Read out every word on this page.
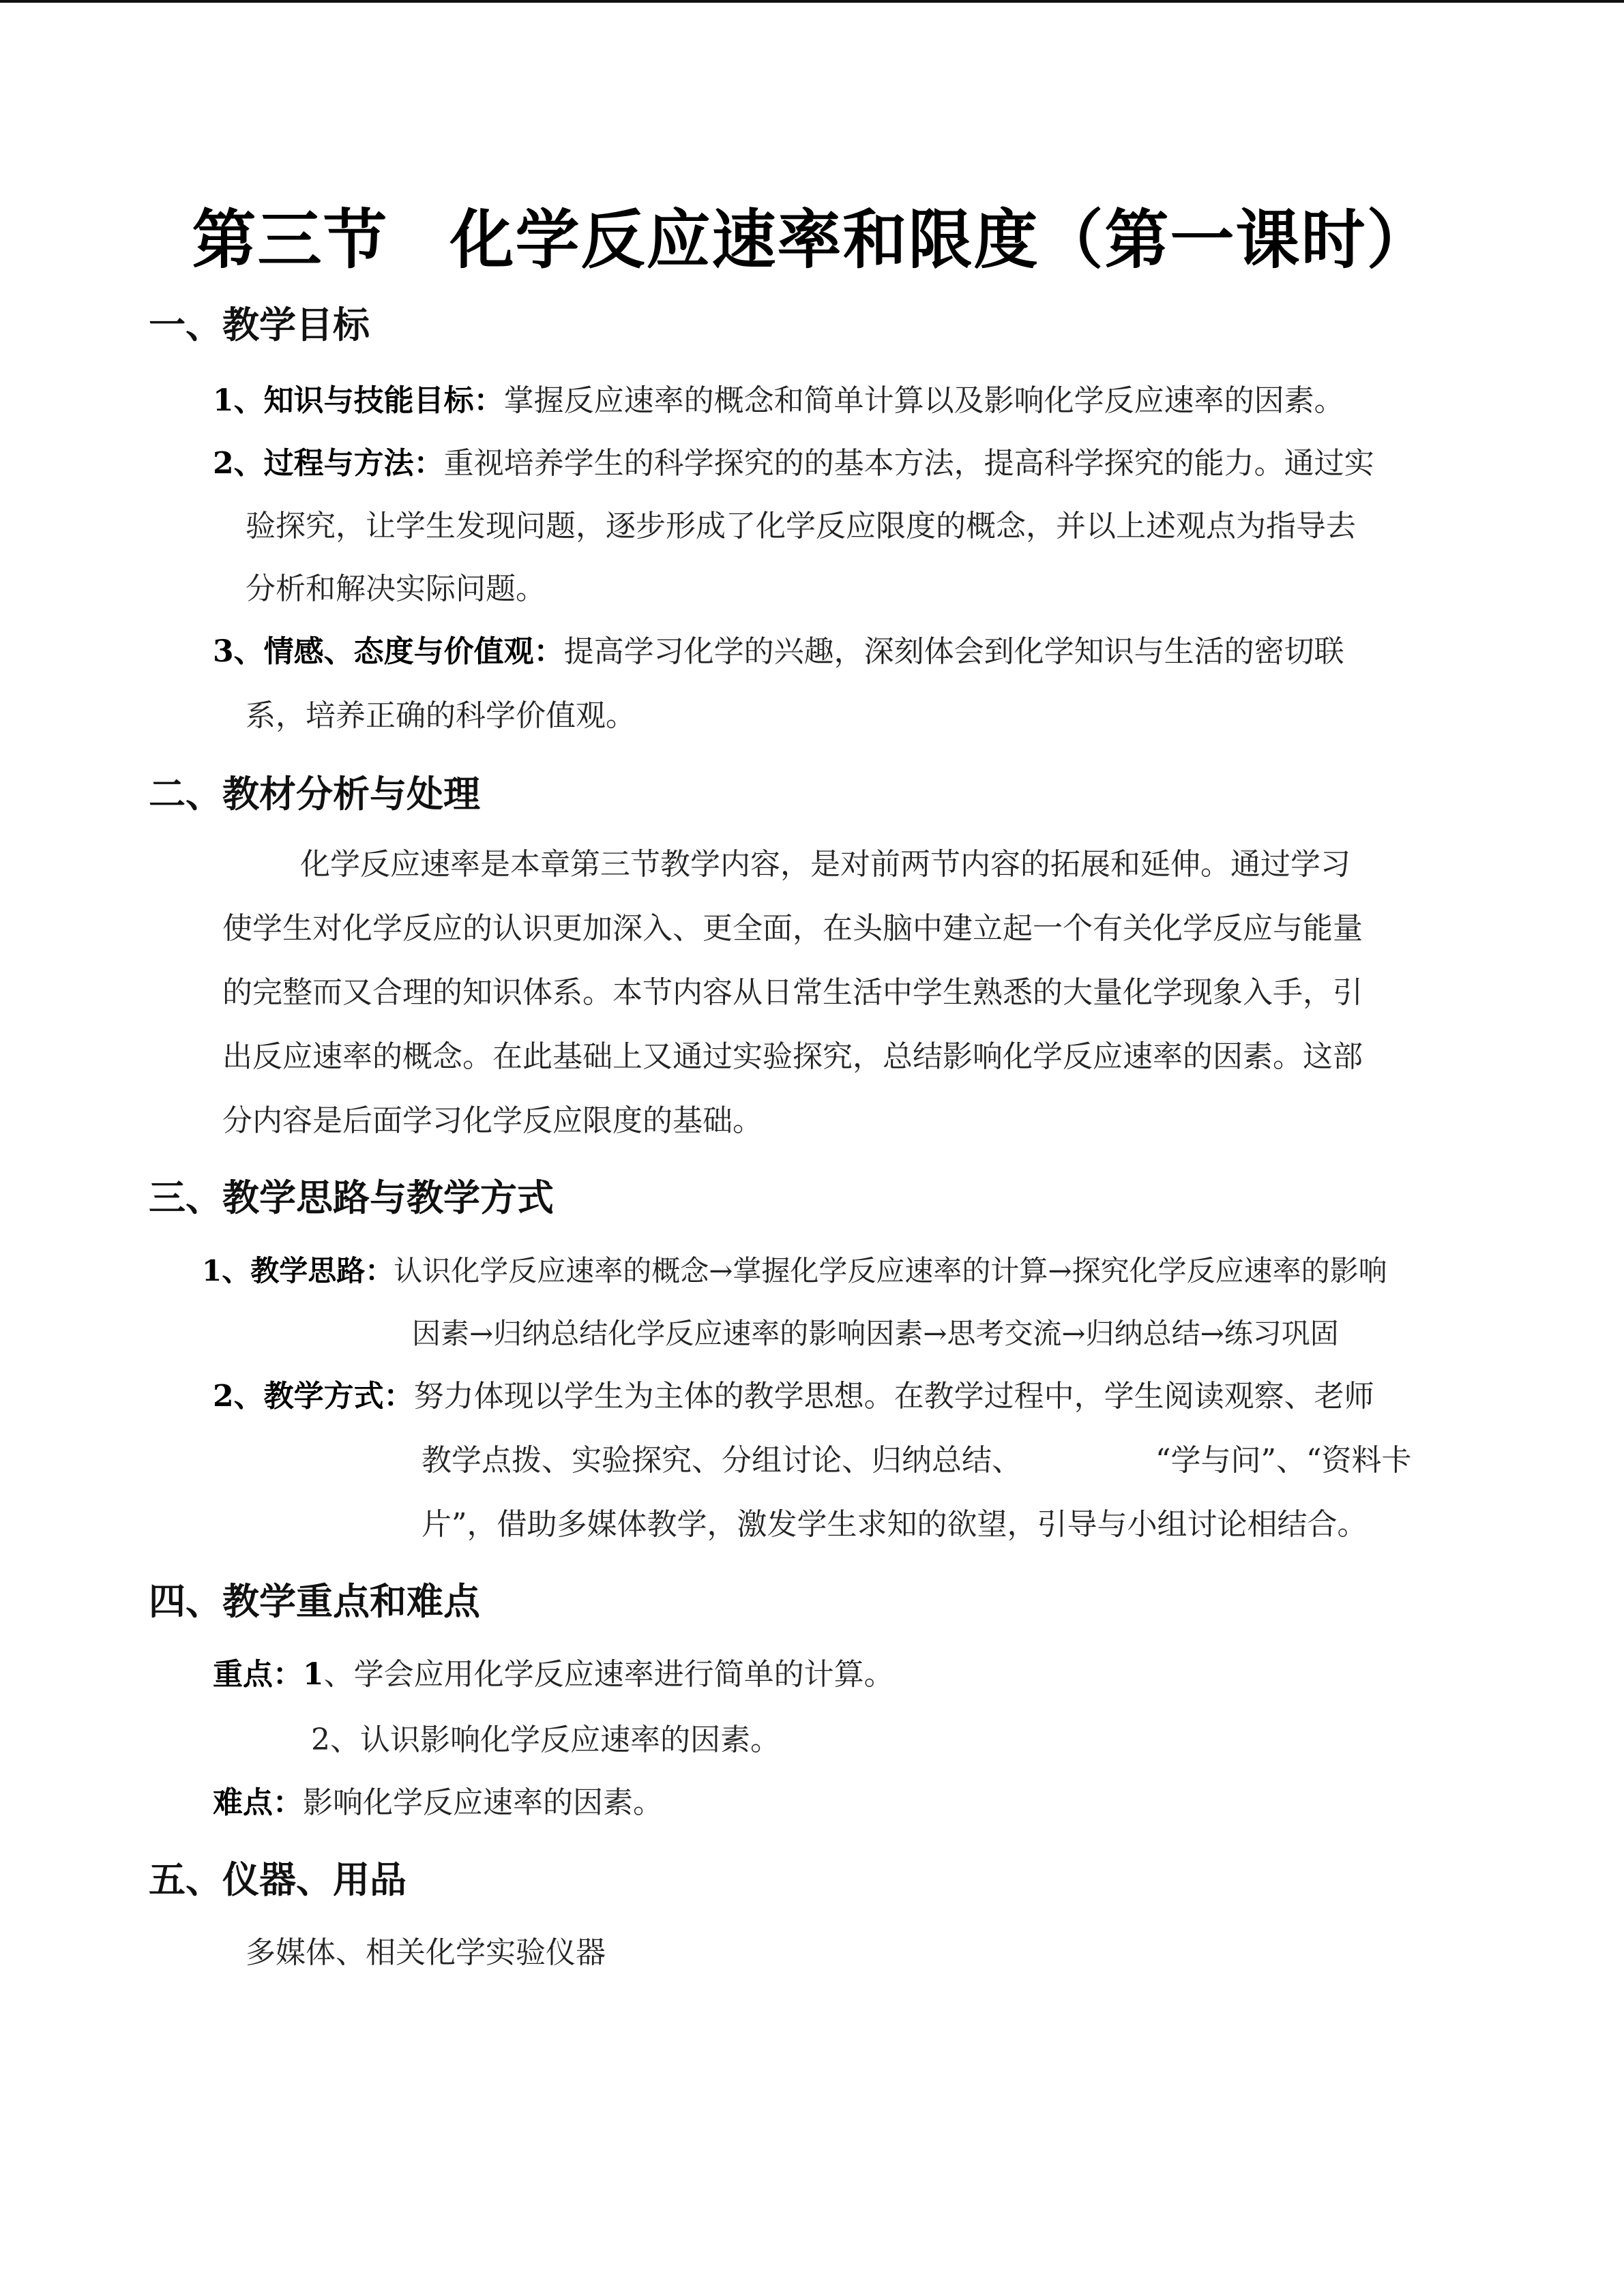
第三节 化学反应速率和限度（第一课时）
一、教学目标
1、知识与技能目标：掌握反应速率的概念和简单计算以及影响化学反应速率的因素。
2、过程与方法：重视培养学生的科学探究的的基本方法，提高科学探究的能力。通过实
验探究，让学生发现问题，逐步形成了化学反应限度的概念，并以上述观点为指导去
分析和解决实际问题。
3、情感、态度与价值观：提高学习化学的兴趣，深刻体会到化学知识与生活的密切联
系，培养正确的科学价值观。
二、教材分析与处理
化学反应速率是本章第三节教学内容，是对前两节内容的拓展和延伸。通过学习
使学生对化学反应的认识更加深入、更全面，在头脑中建立起一个有关化学反应与能量
的完整而又合理的知识体系。本节内容从日常生活中学生熟悉的大量化学现象入手，引
出反应速率的概念。在此基础上又通过实验探究，总结影响化学反应速率的因素。这部
分内容是后面学习化学反应限度的基础。
三、教学思路与教学方式
1、教学思路：认识化学反应速率的概念→掌握化学反应速率的计算→探究化学反应速率的影响
因素→归纳总结化学反应速率的影响因素→思考交流→归纳总结→练习巩固
2、教学方式：努力体现以学生为主体的教学思想。在教学过程中，学生阅读观察、老师
教学点拨、实验探究、分组讨论、归纳总结、	“学与问”、“资料卡
片”，借助多媒体教学，激发学生求知的欲望，引导与小组讨论相结合。
四、教学重点和难点
重点：1、学会应用化学反应速率进行简单的计算。
2、认识影响化学反应速率的因素。
难点：影响化学反应速率的因素。
五、仪器、用品
多媒体、相关化学实验仪器
